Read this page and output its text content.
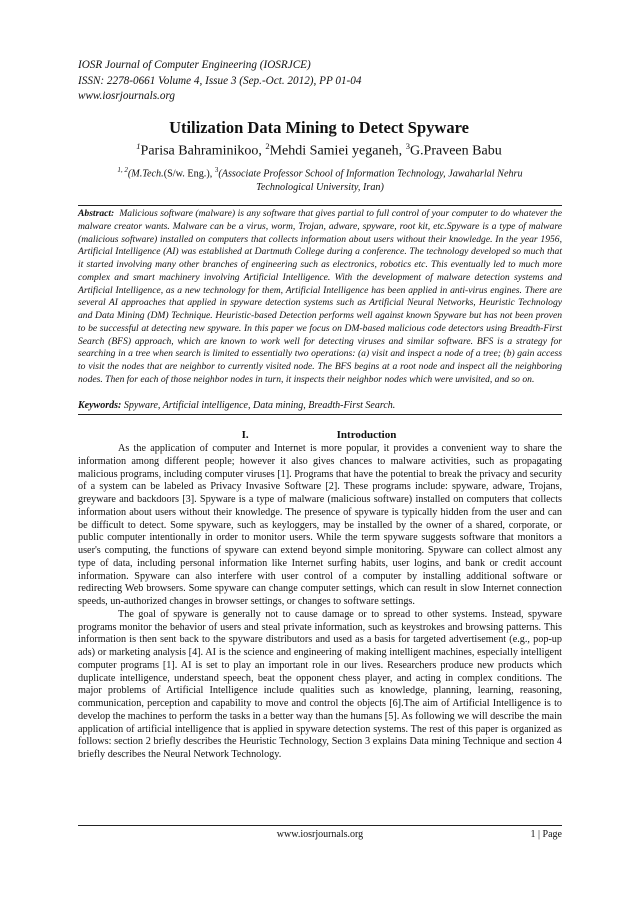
IOSR Journal of Computer Engineering (IOSRJCE)
ISSN: 2278-0661 Volume 4, Issue 3 (Sep.-Oct. 2012), PP 01-04
www.iosrjournals.org
Utilization Data Mining to Detect Spyware
$^1$Parisa Bahraminikoo, $^2$Mehdi Samiei yeganeh, $^3$G.Praveen Babu
$^{1, 2}$(M.Tech.(S/w. Eng.), $^3$(Associate Professor School of Information Technology, Jawaharlal Nehru Technological University, Iran)
Abstract: Malicious software (malware) is any software that gives partial to full control of your computer to do whatever the malware creator wants. Malware can be a virus, worm, Trojan, adware, spyware, root kit, etc.Spyware is a type of malware (malicious software) installed on computers that collects information about users without their knowledge. In the year 1956, Artificial Intelligence (AI) was established at Dartmuth College during a conference. The technology developed so much that it started involving many other branches of engineering such as electronics, robotics etc. This eventually led to much more complex and smart machinery involving Artificial Intelligence. With the development of malware detection systems and Artificial Intelligence, as a new technology for them, Artificial Intelligence has been applied in anti-virus engines. There are several AI approaches that applied in spyware detection systems such as Artificial Neural Networks, Heuristic Technology and Data Mining (DM) Technique. Heuristic-based Detection performs well against known Spyware but has not been proven to be successful at detecting new spyware. In this paper we focus on DM-based malicious code detectors using Breadth-First Search (BFS) approach, which are known to work well for detecting viruses and similar software. BFS is a strategy for searching in a tree when search is limited to essentially two operations: (a) visit and inspect a node of a tree; (b) gain access to visit the nodes that are neighbor to currently visited node. The BFS begins at a root node and inspect all the neighboring nodes. Then for each of those neighbor nodes in turn, it inspects their neighbor nodes which were unvisited, and so on.
Keywords: Spyware, Artificial intelligence, Data mining, Breadth-First Search.
I.	Introduction

As the application of computer and Internet is more popular, it provides a convenient way to share the information among different people; however it also gives chances to malware activities, such as propagating malicious programs, including computer viruses [1]. Programs that have the potential to break the privacy and security of a system can be labeled as Privacy Invasive Software [2]. These programs include: spyware, adware, Trojans, greyware and backdoors [3]. Spyware is a type of malware (malicious software) installed on computers that collects information about users without their knowledge. The presence of spyware is typically hidden from the user and can be difficult to detect. Some spyware, such as keyloggers, may be installed by the owner of a shared, corporate, or public computer intentionally in order to monitor users. While the term spyware suggests software that monitors a user's computing, the functions of spyware can extend beyond simple monitoring. Spyware can collect almost any type of data, including personal information like Internet surfing habits, user logins, and bank or credit account information. Spyware can also interfere with user control of a computer by installing additional software or redirecting Web browsers. Some spyware can change computer settings, which can result in slow Internet connection speeds, un-authorized changes in browser settings, or changes to software settings.

The goal of spyware is generally not to cause damage or to spread to other systems. Instead, spyware programs monitor the behavior of users and steal private information, such as keystrokes and browsing patterns. This information is then sent back to the spyware distributors and used as a basis for targeted advertisement (e.g., pop-up ads) or marketing analysis [4]. AI is the science and engineering of making intelligent machines, especially intelligent computer programs [1]. AI is set to play an important role in our lives. Researchers produce new products which duplicate intelligence, understand speech, beat the opponent chess player, and acting in complex conditions. The major problems of Artificial Intelligence include qualities such as knowledge, planning, learning, reasoning, communication, perception and capability to move and control the objects [6].The aim of Artificial Intelligence is to develop the machines to perform the tasks in a better way than the humans [5]. As following we will describe the main application of artificial intelligence that is applied in spyware detection systems. The rest of this paper is organized as follows: section 2 briefly describes the Heuristic Technology, Section 3 explains Data mining Technique and section 4 briefly describes the Neural Network Technology.

www.iosrjournals.org	1 | Page
